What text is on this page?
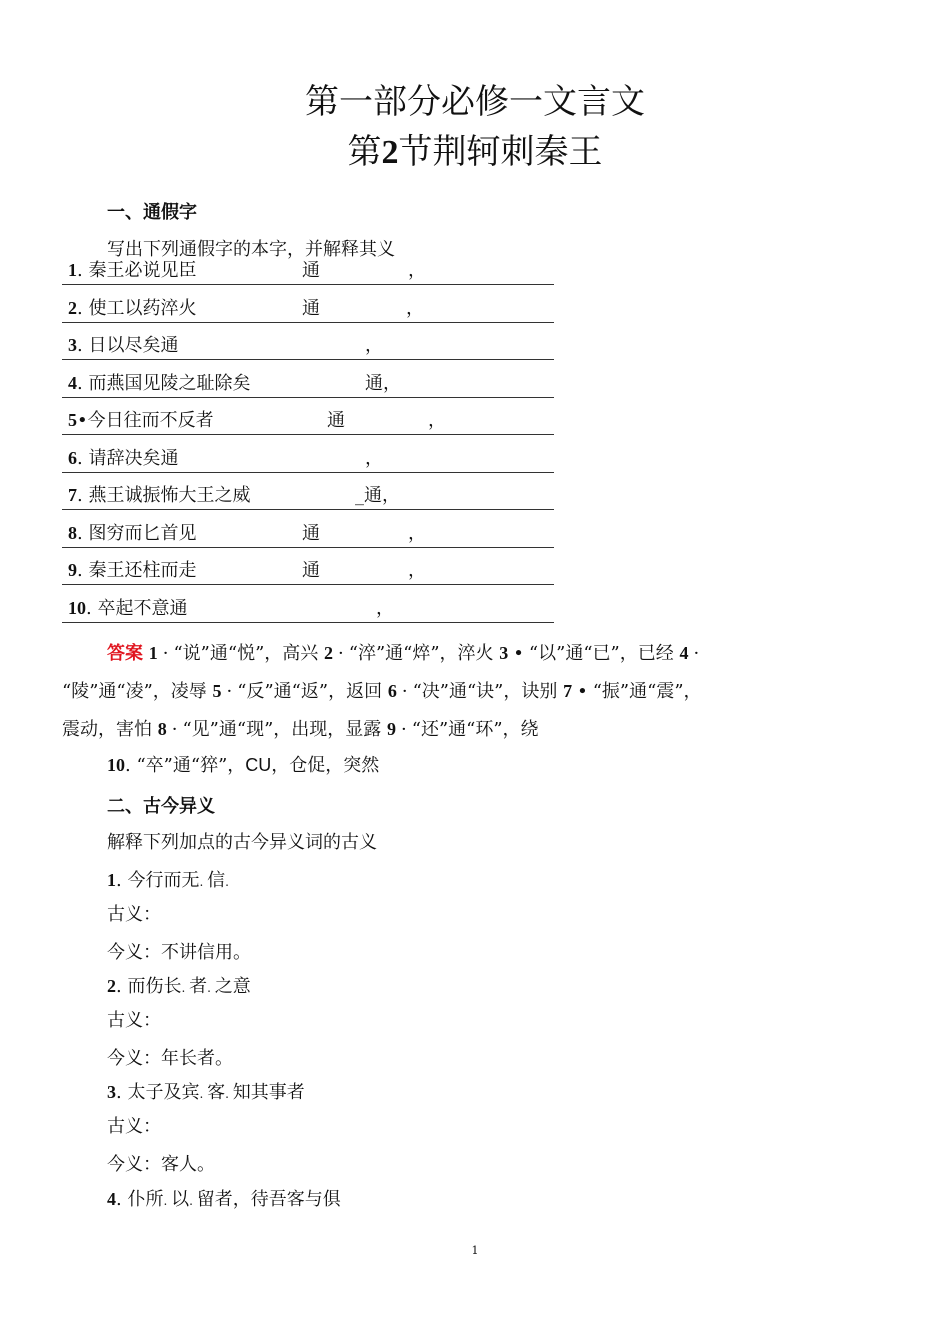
第一部分必修一文言文
第2节荆轲刺秦王
一、通假字
写出下列通假字的本字，并解释其义
1. 秦王必说见臣	通	，
2. 使工以药淬火	通	，
3. 日以尽矣通	，
4. 而燕国见陵之耻除矣	通，
5•今日往而不反者	通	，
6. 请辞决矣通	，
7. 燕王诚振怖大王之威	_通，
8. 图穷而匕首见	通	，
9. 秦王还柱而走	通	，
10. 卒起不意通	，
答案 1 · “说”通“悦”，高兴 2 · “淬”通“焠”，淬火 3 • “以”通“已”，已经 4 ·
“陵”通“凌”，凌辱 5 · “反”通“返”，返回 6 · “决”通“诀”，诀别 7 • “振”通“震”，
震动，害怕 8 · “见”通“现”，出现，显露 9 · “还”通“环”，绕
10. “卒”通“猝”，CU，仓促，突然
二、古今异义
解释下列加点的古今异义词的古义
1. 今行而无. 信.
古义：
今义：不讲信用。
2. 而伤长. 者. 之意
古义：
今义：年长者。
3. 太子及宾. 客. 知其事者
古义：
今义：客人。
4. 仆所. 以. 留者，待吾客与俱
1
